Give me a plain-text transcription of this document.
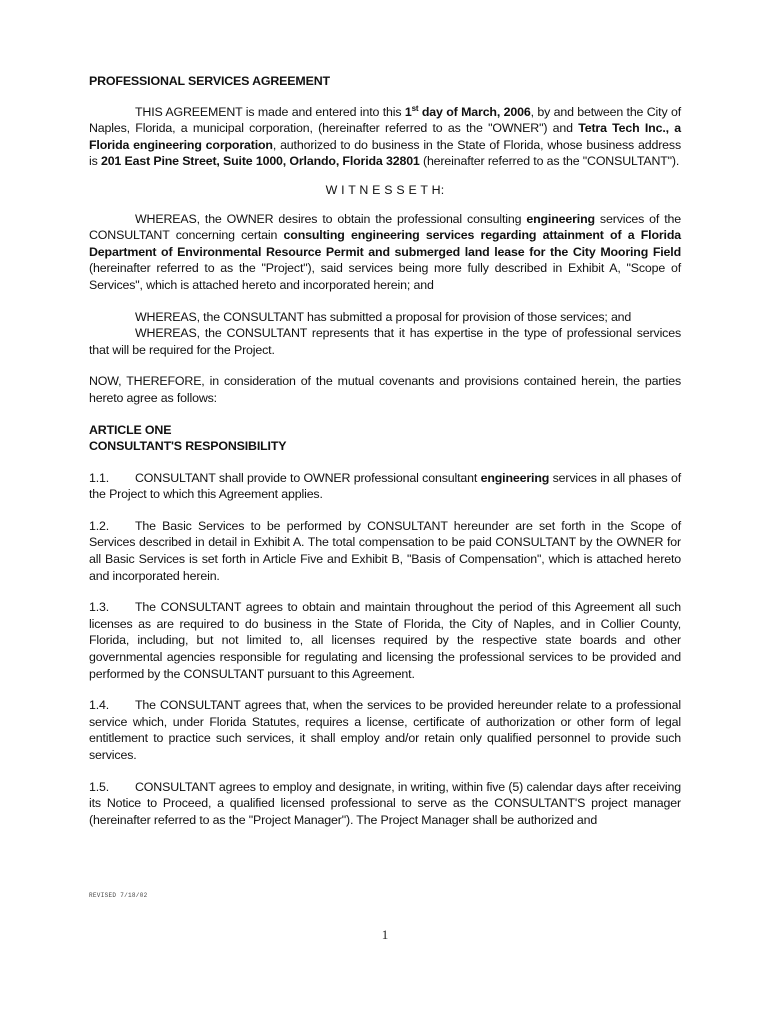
PROFESSIONAL SERVICES AGREEMENT

THIS AGREEMENT is made and entered into this 1st day of March, 2006, by and between the City of Naples, Florida, a municipal corporation, (hereinafter referred to as the "OWNER") and Tetra Tech Inc., a Florida engineering corporation, authorized to do business in the State of Florida, whose business address is 201 East Pine Street, Suite 1000, Orlando, Florida 32801 (hereinafter referred to as the "CONSULTANT").

W I T N E S S E T H:

WHEREAS, the OWNER desires to obtain the professional consulting engineering services of the CONSULTANT concerning certain consulting engineering services regarding attainment of a Florida Department of Environmental Resource Permit and submerged land lease for the City Mooring Field (hereinafter referred to as the "Project"), said services being more fully described in Exhibit A, "Scope of Services", which is attached hereto and incorporated herein; and

WHEREAS, the CONSULTANT has submitted a proposal for provision of those services; and

WHEREAS, the CONSULTANT represents that it has expertise in the type of professional services that will be required for the Project.

NOW, THEREFORE, in consideration of the mutual covenants and provisions contained herein, the parties hereto agree as follows:

ARTICLE ONE

CONSULTANT'S RESPONSIBILITY

1.1. CONSULTANT shall provide to OWNER professional consultant engineering services in all phases of the Project to which this Agreement applies.

1.2. The Basic Services to be performed by CONSULTANT hereunder are set forth in the Scope of Services described in detail in Exhibit A. The total compensation to be paid CONSULTANT by the OWNER for all Basic Services is set forth in Article Five and Exhibit B, "Basis of Compensation", which is attached hereto and incorporated herein.

1.3. The CONSULTANT agrees to obtain and maintain throughout the period of this Agreement all such licenses as are required to do business in the State of Florida, the City of Naples, and in Collier County, Florida, including, but not limited to, all licenses required by the respective state boards and other governmental agencies responsible for regulating and licensing the professional services to be provided and performed by the CONSULTANT pursuant to this Agreement.

1.4. The CONSULTANT agrees that, when the services to be provided hereunder relate to a professional service which, under Florida Statutes, requires a license, certificate of authorization or other form of legal entitlement to practice such services, it shall employ and/or retain only qualified personnel to provide such services.

1.5. CONSULTANT agrees to employ and designate, in writing, within five (5) calendar days after receiving its Notice to Proceed, a qualified licensed professional to serve as the CONSULTANT'S project manager (hereinafter referred to as the "Project Manager"). The Project Manager shall be authorized and

REVISED 7/18/02
1
